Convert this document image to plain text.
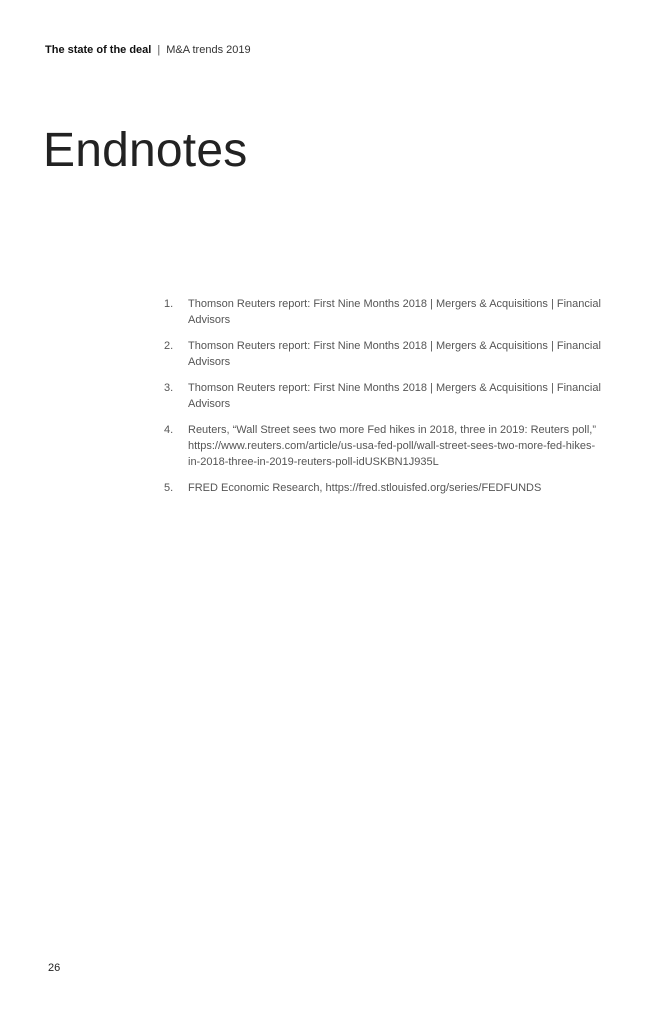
The state of the deal | M&A trends 2019
Endnotes
1.	Thomson Reuters report: First Nine Months 2018 | Mergers & Acquisitions | Financial Advisors
2.	Thomson Reuters report: First Nine Months 2018 | Mergers & Acquisitions | Financial Advisors
3.	Thomson Reuters report: First Nine Months 2018 | Mergers & Acquisitions | Financial Advisors
4.	Reuters, “Wall Street sees two more Fed hikes in 2018, three in 2019: Reuters poll,” https://www.reuters.com/article/us-usa-fed-poll/wall-street-sees-two-more-fed-hikes-in-2018-three-in-2019-reuters-poll-idUSKBN1J935L
5.	FRED Economic Research, https://fred.stlouisfed.org/series/FEDFUNDS
26
